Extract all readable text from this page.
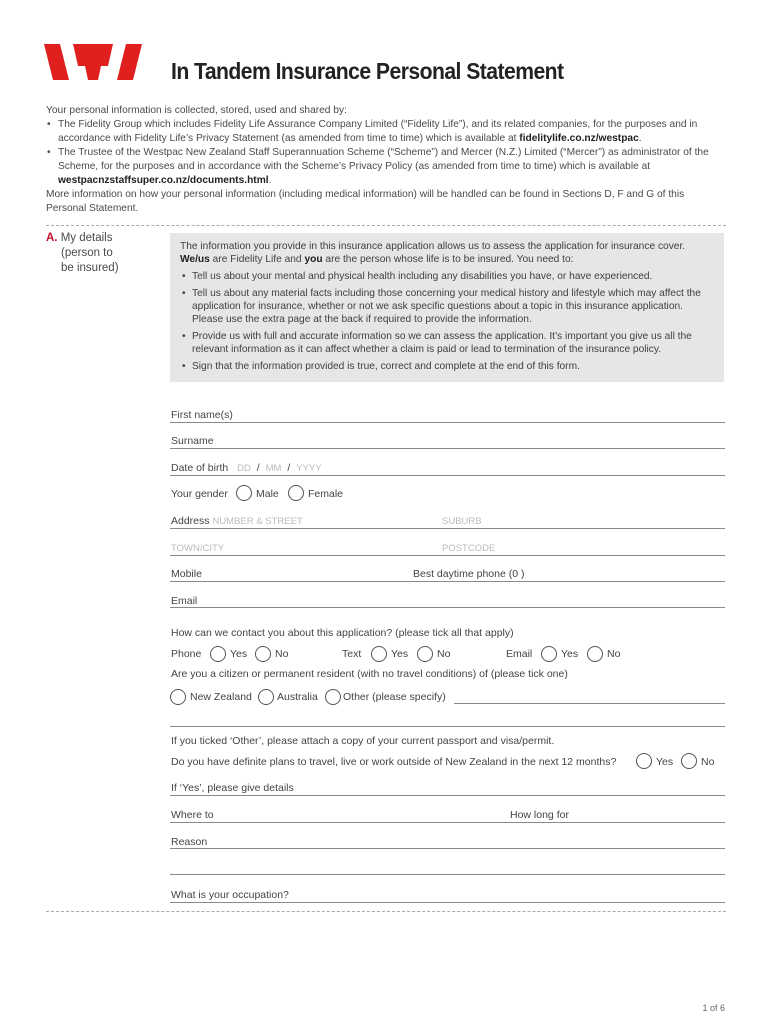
In Tandem Insurance Personal Statement
Your personal information is collected, stored, used and shared by:
• The Fidelity Group which includes Fidelity Life Assurance Company Limited (“Fidelity Life”), and its related companies, for the purposes and in accordance with Fidelity Life’s Privacy Statement (as amended from time to time) which is available at fidelitylife.co.nz/westpac.
• The Trustee of the Westpac New Zealand Staff Superannuation Scheme (“Scheme”) and Mercer (N.Z.) Limited (“Mercer”) as administrator of the Scheme, for the purposes and in accordance with the Scheme’s Privacy Policy (as amended from time to time) which is available at westpacnzstaffsuper.co.nz/documents.html.
More information on how your personal information (including medical information) will be handled can be found in Sections D, F and G of this Personal Statement.
A. My details
(person to
be insured)
The information you provide in this insurance application allows us to assess the application for insurance cover.
We/us are Fidelity Life and you are the person whose life is to be insured. You need to:
• Tell us about your mental and physical health including any disabilities you have, or have experienced.
• Tell us about any material facts including those concerning your medical history and lifestyle which may affect the application for insurance, whether or not we ask specific questions about a topic in this insurance application. Please use the extra page at the back if required to provide the information.
• Provide us with full and accurate information so we can assess the application. It’s important you give us all the relevant information as it can affect whether a claim is paid or lead to termination of the insurance policy.
• Sign that the information provided is true, correct and complete at the end of this form.
First name(s)
Surname
Date of birth DD / MM / YYYY
Your gender	Male	Female
Address NUMBER & STREET	SUBURB
TOWN/CITY	POSTCODE
Mobile	Best daytime phone (0 )
Email
How can we contact you about this application? (please tick all that apply)
Phone	Yes	No	Text	Yes	No	Email	Yes	No
Are you a citizen or permanent resident (with no travel conditions) of (please tick one)
New Zealand Australia Other (please specify)
If you ticked ‘Other’, please attach a copy of your current passport and visa/permit.
Do you have definite plans to travel, live or work outside of New Zealand in the next 12 months?	Yes	No
If ‘Yes’, please give details
Where to	How long for
Reason
What is your occupation?
1 of 6
